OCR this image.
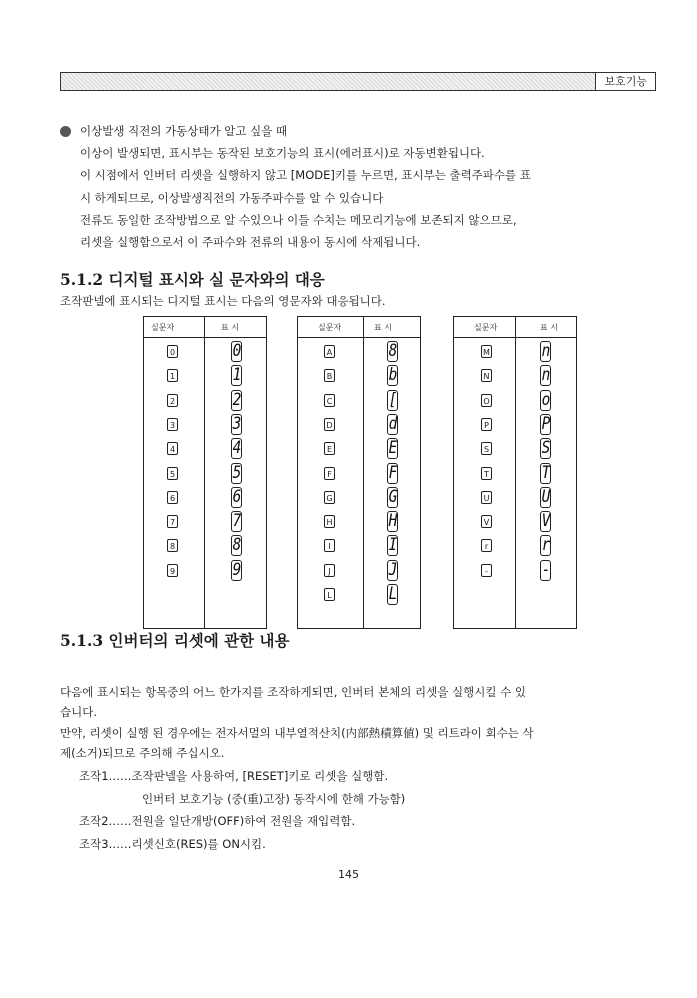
보호기능

이상발생 직전의 가동상태가 알고 싶을 때

이상이 발생되면, 표시부는 동작된 보호기능의 표시(에러표시)로 자동변환됩니다.

이 시점에서 인버터 리셋을 실행하지 않고 [MODE]키를 누르면, 표시부는 출력주파수를 표

시 하게되므로, 이상발생직전의 가동주파수를 알 수 있습니다

전류도 동일한 조작방법으로 알 수있으나 이들 수치는 메모리기능에 보존되지 않으므로,

리셋을 실행함으로서 이 주파수와 전류의 내용이 동시에 삭제됩니다.

5.1.2 디지털 표시와 실 문자와의 대응
조작판넬에 표시되는 디지털 표시는 다음의 영문자와 대응됩니다.
실문자	표 시
0	0
1	1
2	2
3	3
4	4
5	5
6	6
7	7
8	8
9	9
실문자	표 시
A	8
B	b
C	[
D	d
E	E
F	F
G	G
H	H
I	I
J	J
L	L
실문자	표 시
M	n
N	n
O	o
P	P
S	S
T	T
U	U
V	V
r	r
-	-
5.1.3 인버터의 리셋에 관한 내용

다음에 표시되는 항목중의 어느 한가지를 조작하게되면, 인버터 본체의 리셋을 실행시킬 수 있

습니다.

만약, 리셋이 실행 된 경우에는 전자서멀의 내부열적산치(内部熱積算値) 및 리트라이 회수는 삭

제(소거)되므로 주의해 주십시오.

조작1……조작판넬을 사용하여, [RESET]키로 리셋을 실행함.

인버터 보호기능 (중(重)고장) 동작시에 한해 가능함)

조작2……전원을 일단개방(OFF)하여 전원을 재입력함.

조작3……리셋신호(RES)를 ON시킴.

145
